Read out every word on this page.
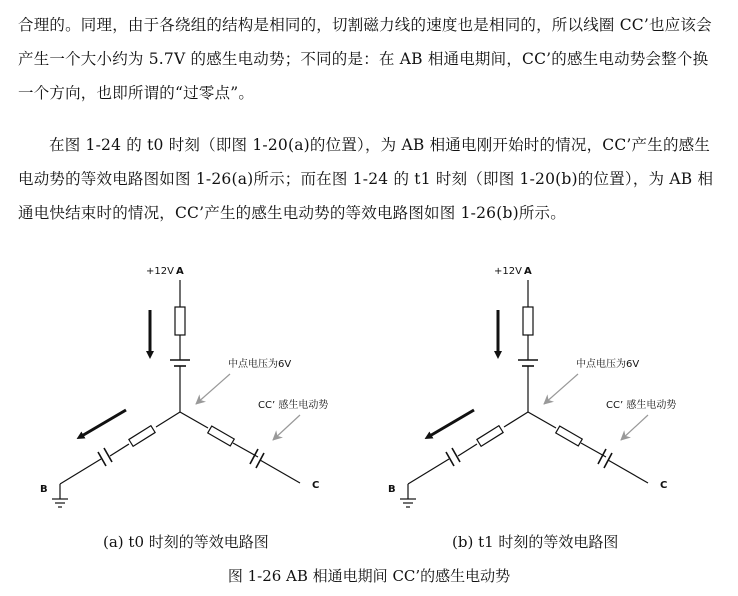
合理的。同理，由于各绕组的结构是相同的，切割磁力线的速度也是相同的，所以线圈 CC’也应该会产生一个大小约为 5.7V 的感生电动势；不同的是：在 AB 相通电期间，CC’的感生电动势会整个换一个方向，也即所谓的“过零点”。

在图 1-24 的 t0 时刻（即图 1-20(a)的位置），为 AB 相通电刚开始时的情况，CC’产生的感生电动势的等效电路图如图 1-26(a)所示；而在图 1-24 的 t1 时刻（即图 1-20(b)的位置），为 AB 相通电快结束时的情况，CC’产生的感生电动势的等效电路图如图 1-26(b)所示。

+12V A
B	C
中点电压为6V
CC’ 感生电动势
+12V A
B	C
中点电压为6V
CC’ 感生电动势
(a) t0 时刻的等效电路图	(b) t1 时刻的等效电路图
图 1-26 AB 相通电期间 CC’的感生电动势
